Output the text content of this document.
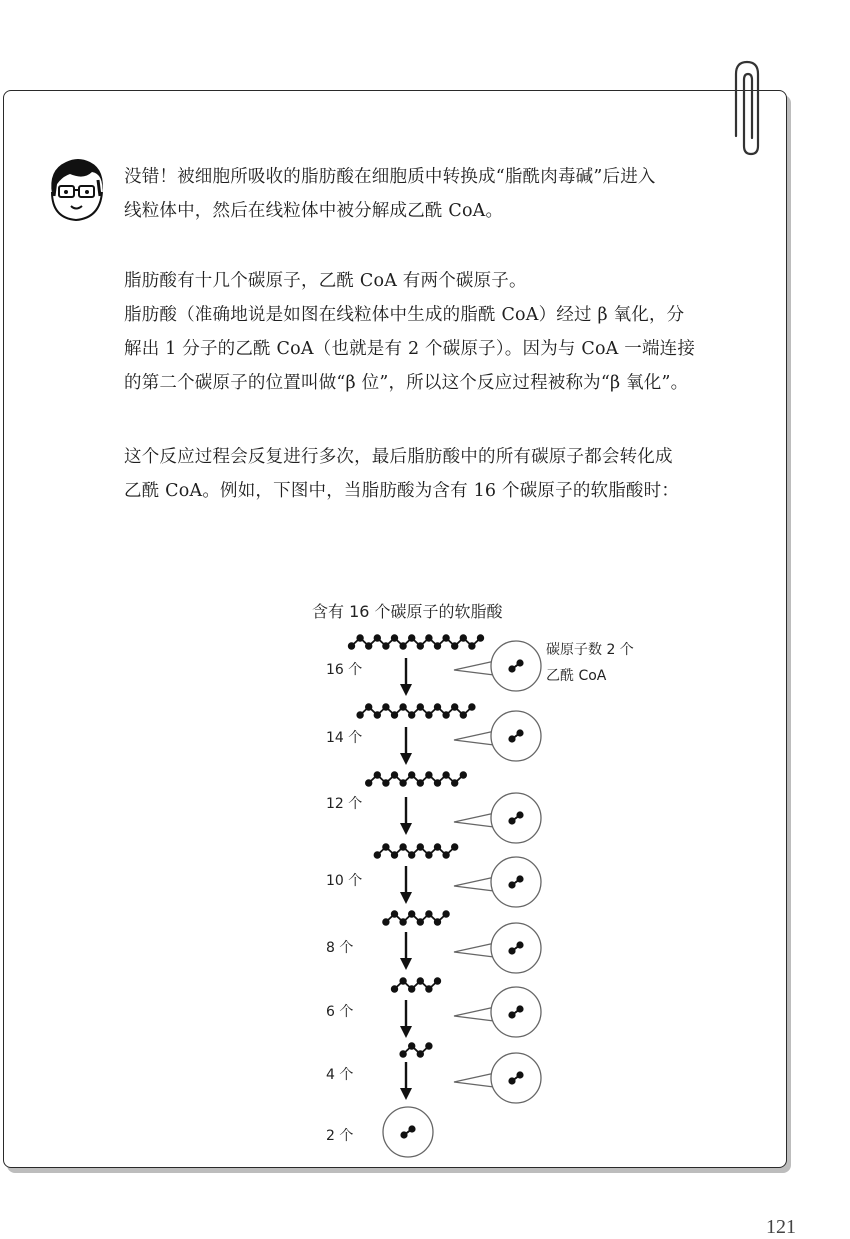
没错！被细胞所吸收的脂肪酸在细胞质中转换成“脂酰肉毒碱”后进入
线粒体中，然后在线粒体中被分解成乙酰 CoA。
脂肪酸有十几个碳原子，乙酰 CoA 有两个碳原子。
脂肪酸（准确地说是如图在线粒体中生成的脂酰 CoA）经过 β 氧化，分
解出 1 分子的乙酰 CoA（也就是有 2 个碳原子）。因为与 CoA 一端连接
的第二个碳原子的位置叫做“β 位”，所以这个反应过程被称为“β 氧化”。
这个反应过程会反复进行多次，最后脂肪酸中的所有碳原子都会转化成
乙酰 CoA。例如，下图中，当脂肪酸为含有 16 个碳原子的软脂酸时：
含有 16 个碳原子的软脂酸
碳原子数 2 个
乙酰 CoA
16 个
14 个
12 个
10 个
8 个
6 个
4 个
2 个
121
